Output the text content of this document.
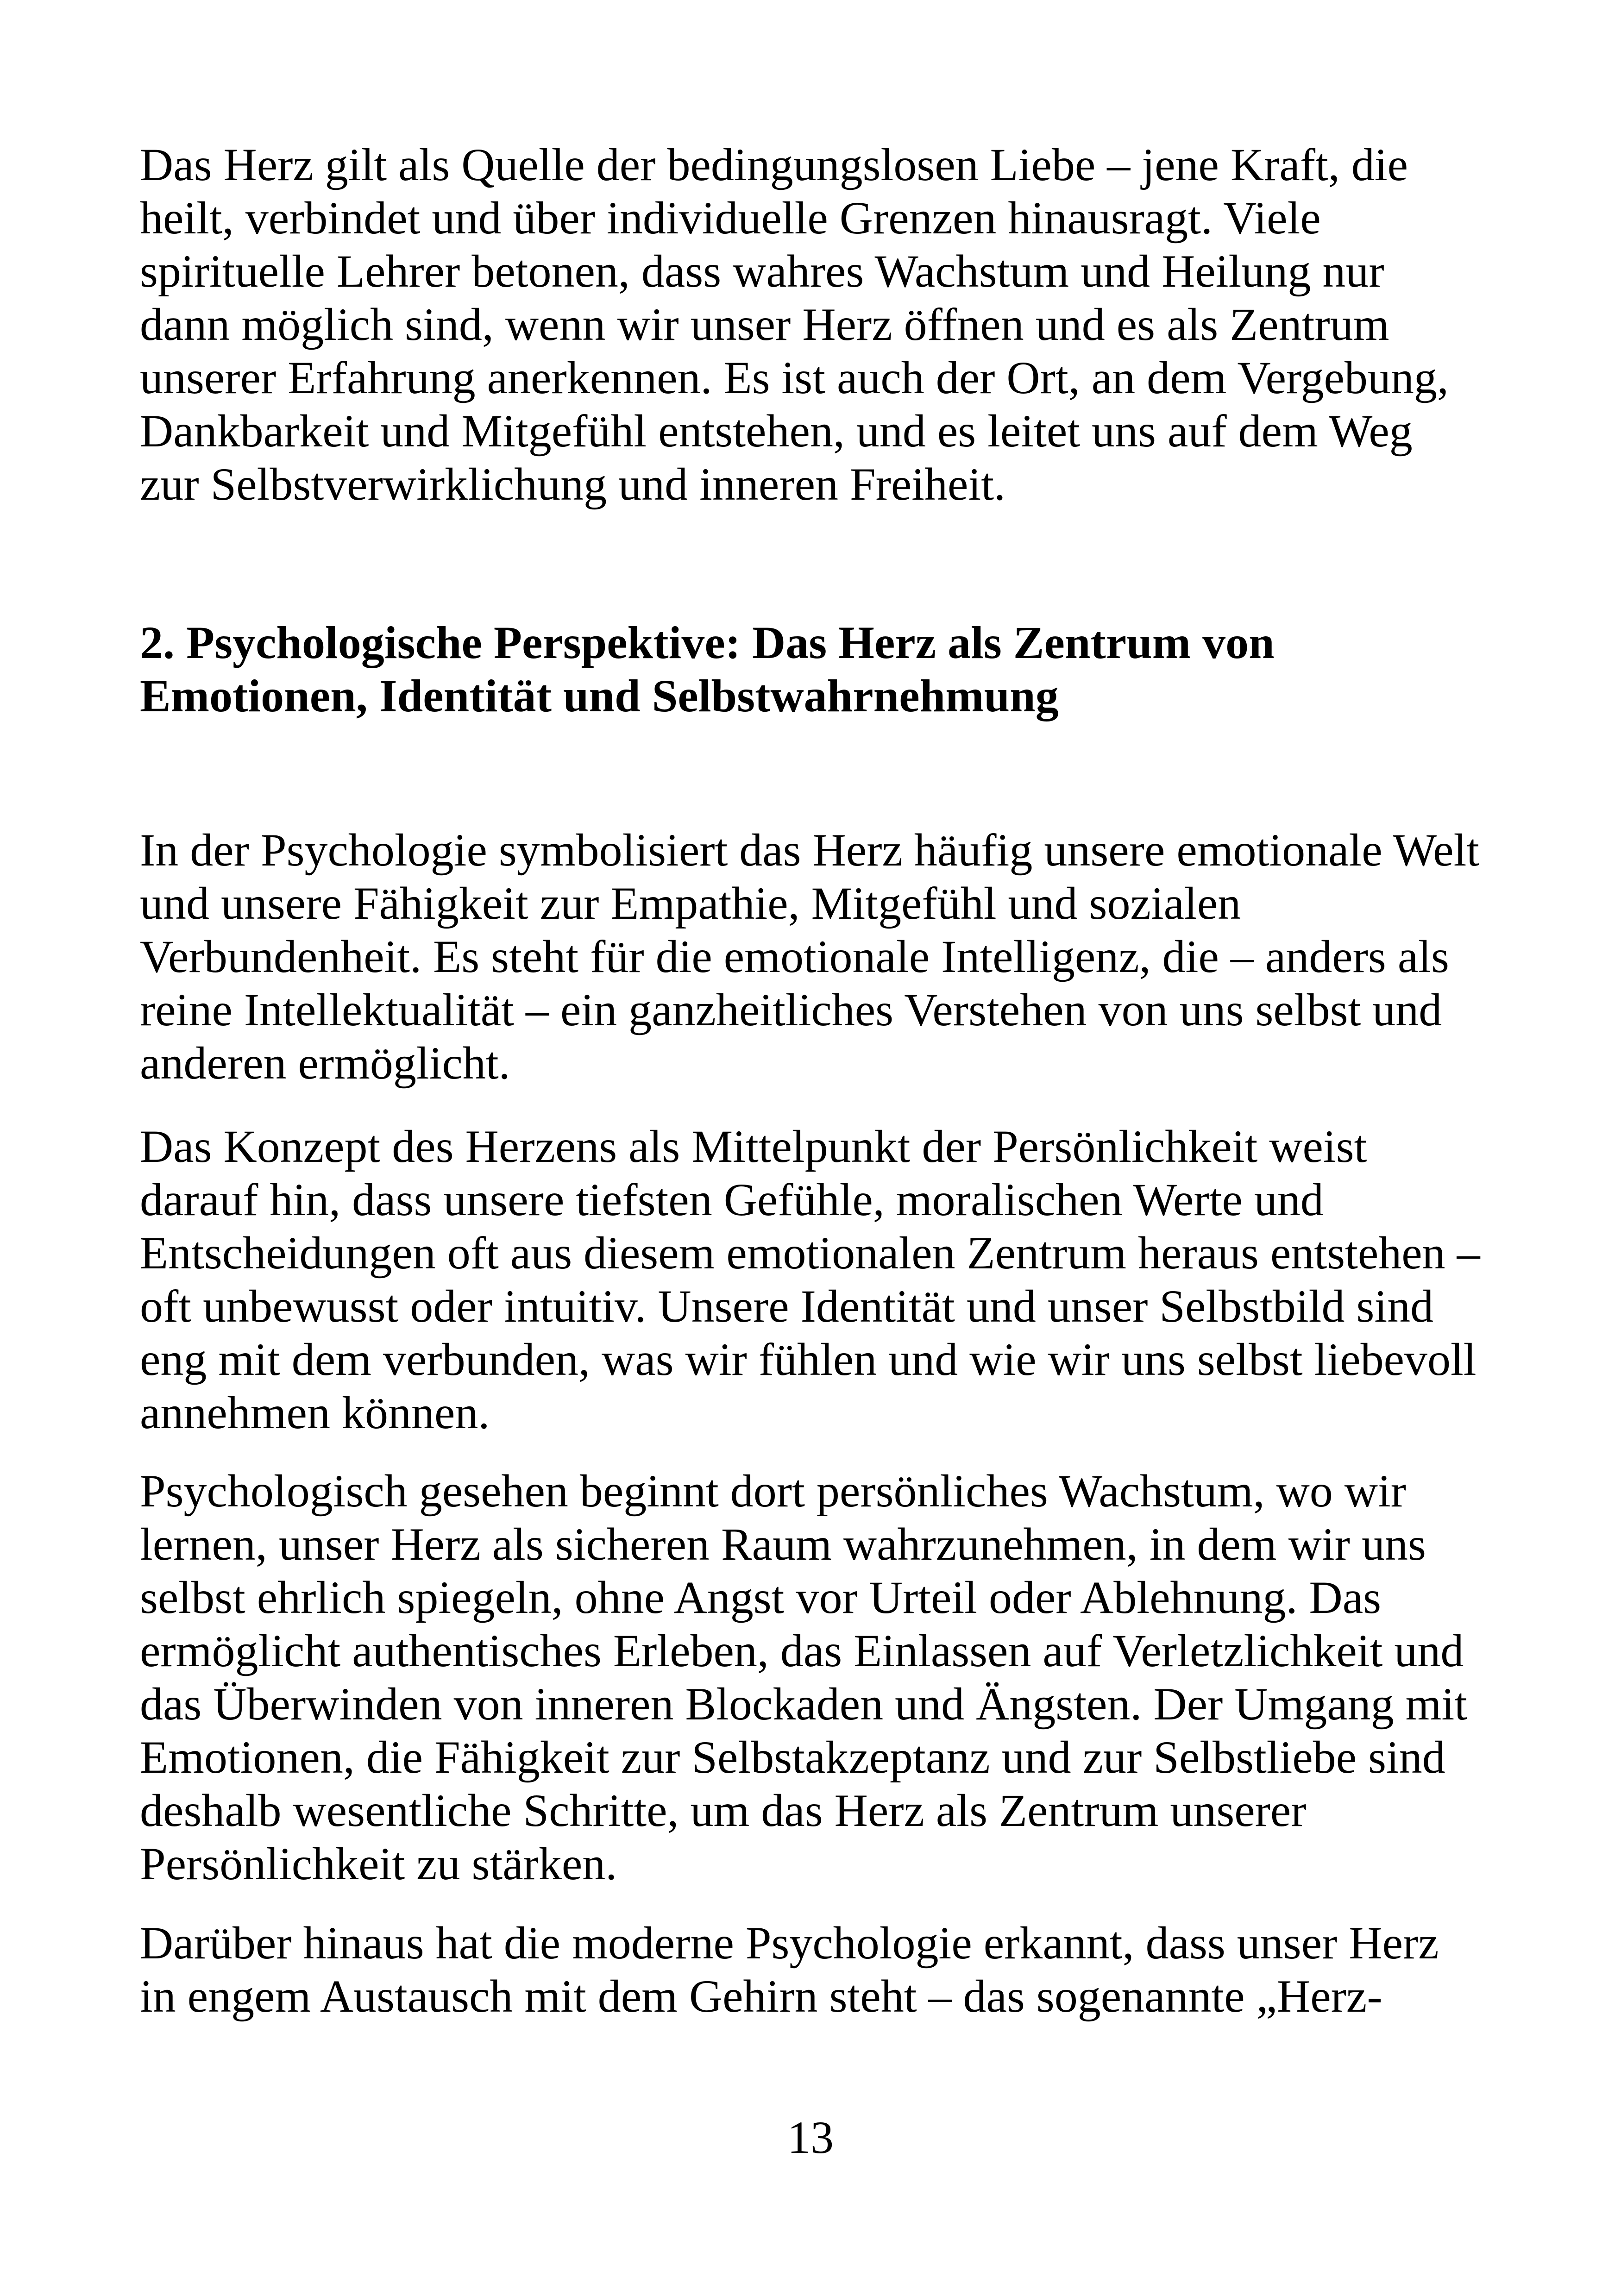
Das Herz gilt als Quelle der bedingungslosen Liebe – jene Kraft, die
heilt, verbindet und über individuelle Grenzen hinausragt. Viele
spirituelle Lehrer betonen, dass wahres Wachstum und Heilung nur
dann möglich sind, wenn wir unser Herz öffnen und es als Zentrum
unserer Erfahrung anerkennen. Es ist auch der Ort, an dem Vergebung,
Dankbarkeit und Mitgefühl entstehen, und es leitet uns auf dem Weg
zur Selbstverwirklichung und inneren Freiheit.

2. Psychologische Perspektive: Das Herz als Zentrum von
Emotionen, Identität und Selbstwahrnehmung

In der Psychologie symbolisiert das Herz häufig unsere emotionale Welt
und unsere Fähigkeit zur Empathie, Mitgefühl und sozialen
Verbundenheit. Es steht für die emotionale Intelligenz, die – anders als
reine Intellektualität – ein ganzheitliches Verstehen von uns selbst und
anderen ermöglicht.

Das Konzept des Herzens als Mittelpunkt der Persönlichkeit weist
darauf hin, dass unsere tiefsten Gefühle, moralischen Werte und
Entscheidungen oft aus diesem emotionalen Zentrum heraus entstehen –
oft unbewusst oder intuitiv. Unsere Identität und unser Selbstbild sind
eng mit dem verbunden, was wir fühlen und wie wir uns selbst liebevoll
annehmen können.

Psychologisch gesehen beginnt dort persönliches Wachstum, wo wir
lernen, unser Herz als sicheren Raum wahrzunehmen, in dem wir uns
selbst ehrlich spiegeln, ohne Angst vor Urteil oder Ablehnung. Das
ermöglicht authentisches Erleben, das Einlassen auf Verletzlichkeit und
das Überwinden von inneren Blockaden und Ängsten. Der Umgang mit
Emotionen, die Fähigkeit zur Selbstakzeptanz und zur Selbstliebe sind
deshalb wesentliche Schritte, um das Herz als Zentrum unserer
Persönlichkeit zu stärken.

Darüber hinaus hat die moderne Psychologie erkannt, dass unser Herz
in engem Austausch mit dem Gehirn steht – das sogenannte „Herz-

13
